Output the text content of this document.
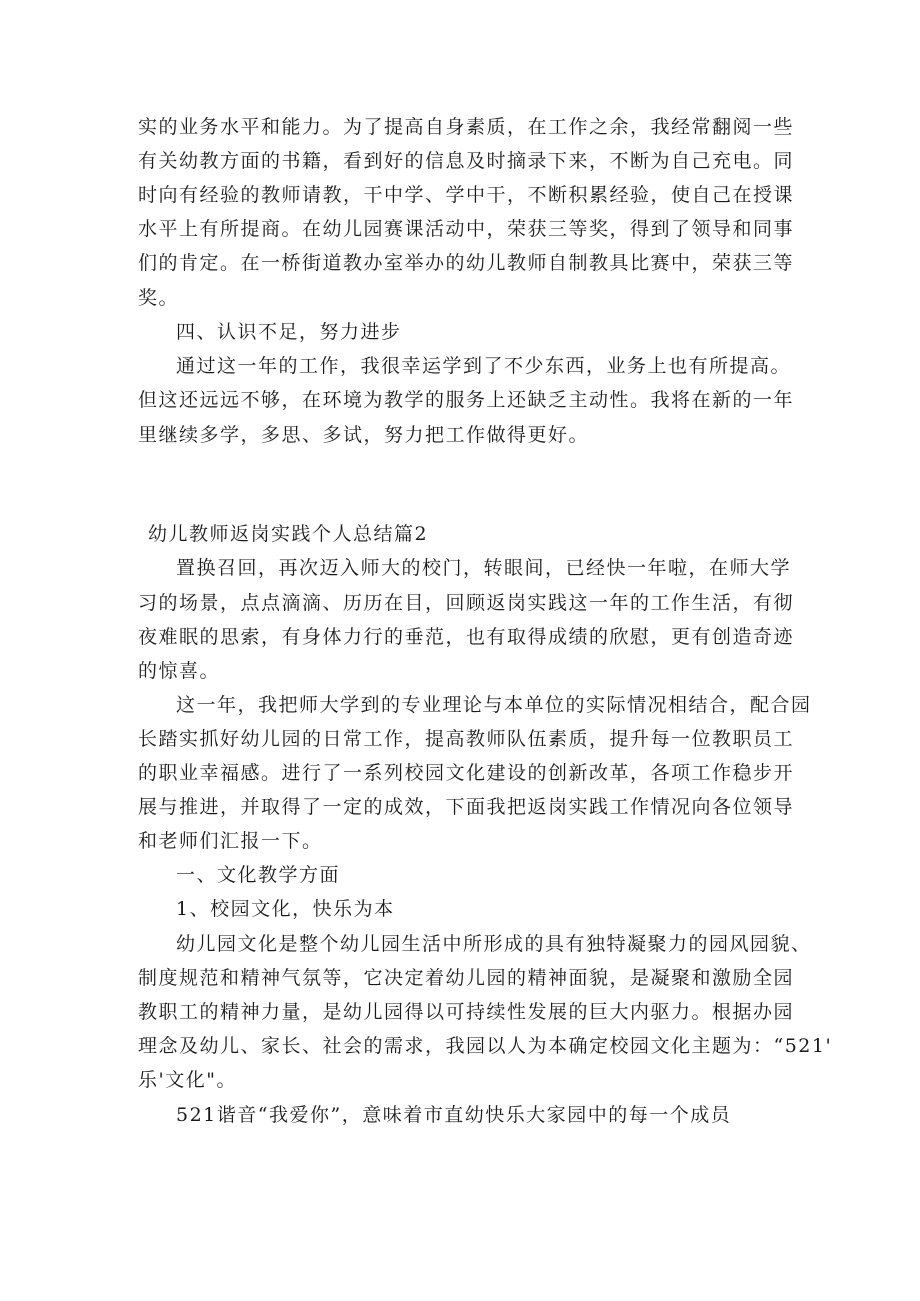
实的业务水平和能力。为了提高自身素质，在工作之余，我经常翻阅一些
有关幼教方面的书籍，看到好的信息及时摘录下来，不断为自己充电。同
时向有经验的教师请教，干中学、学中干，不断积累经验，使自己在授课
水平上有所提商。在幼儿园赛课活动中，荣获三等奖，得到了领导和同事
们的肯定。在一桥街道教办室举办的幼儿教师自制教具比赛中，荣获三等
奖。
四、认识不足，努力进步
通过这一年的工作，我很幸运学到了不少东西，业务上也有所提高。
但这还远远不够，在环境为教学的服务上还缺乏主动性。我将在新的一年
里继续多学，多思、多试，努力把工作做得更好。
幼儿教师返岗实践个人总结篇2
置换召回，再次迈入师大的校门，转眼间，已经快一年啦，在师大学
习的场景，点点滴滴、历历在目，回顾返岗实践这一年的工作生活，有彻
夜难眠的思索，有身体力行的垂范，也有取得成绩的欣慰，更有创造奇迹
的惊喜。
这一年，我把师大学到的专业理论与本单位的实际情况相结合，配合园
长踏实抓好幼儿园的日常工作，提高教师队伍素质，提升每一位教职员工
的职业幸福感。进行了一系列校园文化建设的创新改革，各项工作稳步开
展与推进，并取得了一定的成效，下面我把返岗实践工作情况向各位领导
和老师们汇报一下。
一、文化教学方面
1、校园文化，快乐为本
幼儿园文化是整个幼儿园生活中所形成的具有独特凝聚力的园风园貌、
制度规范和精神气氛等，它决定着幼儿园的精神面貌，是凝聚和激励全园
教职工的精神力量，是幼儿园得以可持续性发展的巨大内驱力。根据办园
理念及幼儿、家长、社会的需求，我园以人为本确定校园文化主题为：“521'
乐'文化"。
521谐音“我爱你”，意味着市直幼快乐大家园中的每一个成员
